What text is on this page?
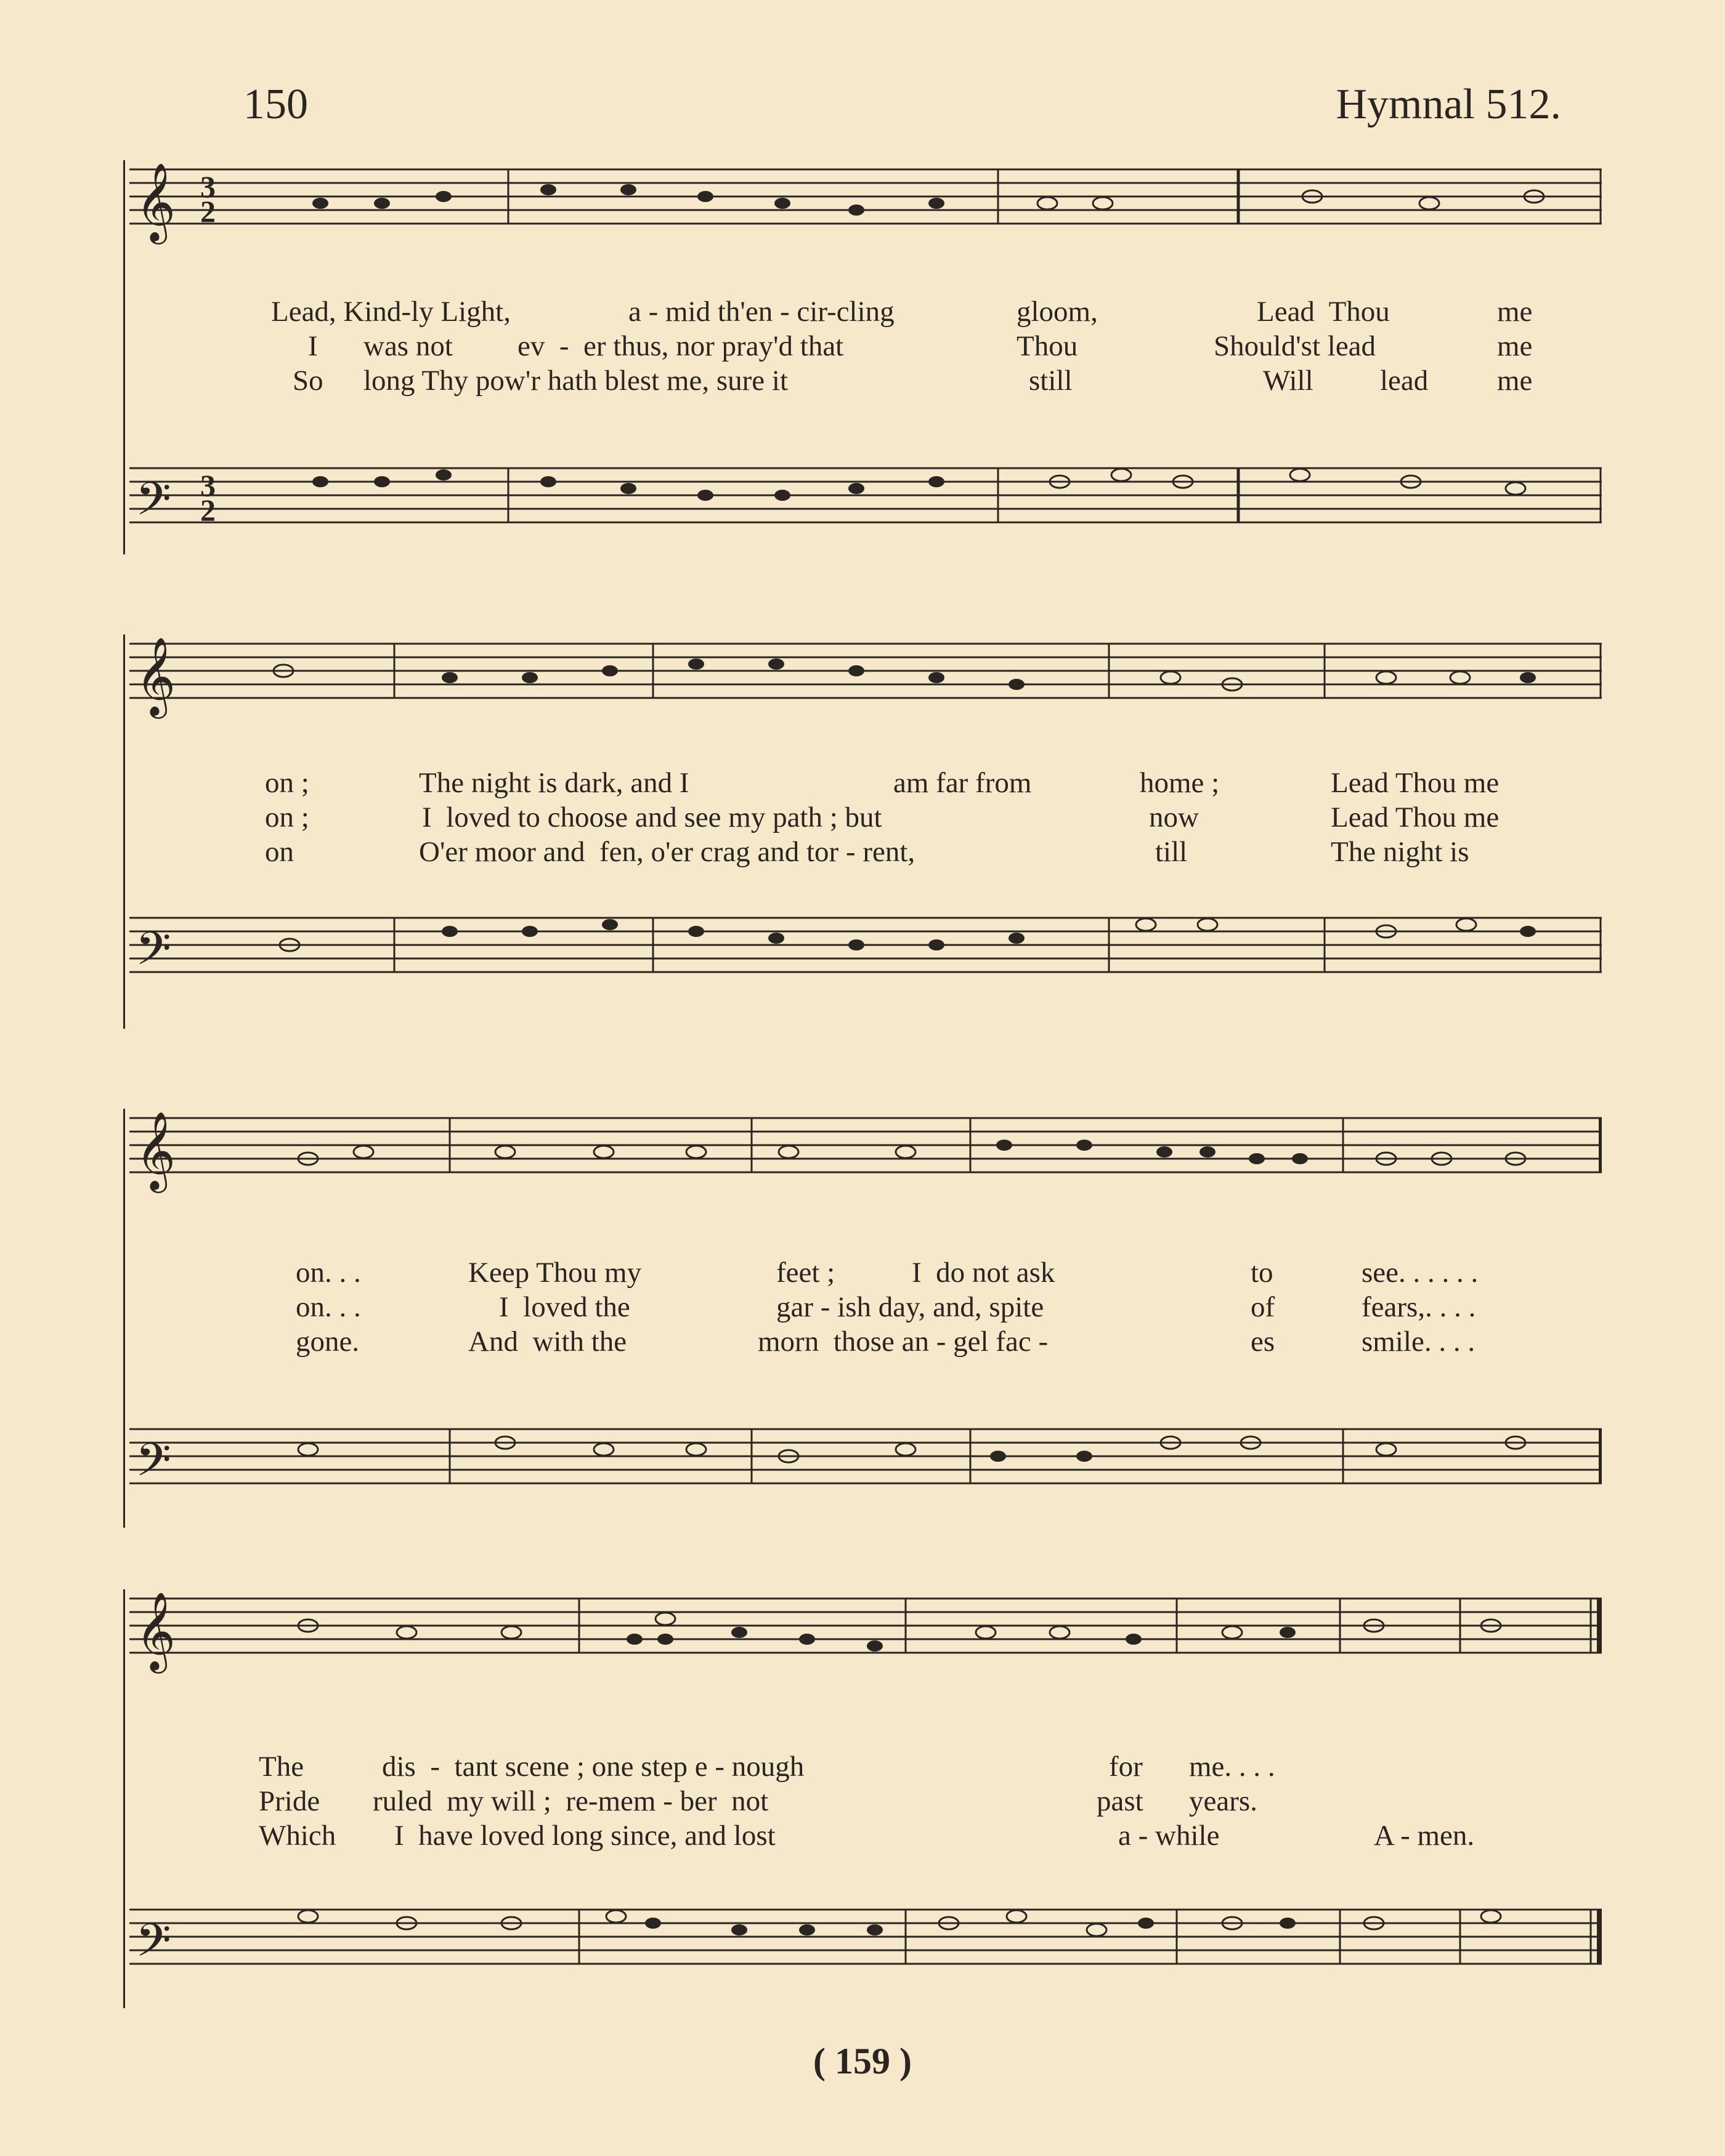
150	Hymnal 512.
𝄞
𝄢
3
2
3
2
Lead, Kind-ly Light,	a - mid th'en - cir-cling	gloom,	Lead  Thou	me
I was not ev  -  er thus, nor pray'd that	Thou	Should'st lead	me
So long Thy pow'r hath blest me, sure it	still	Will lead me
𝄞
𝄢
on ;	The night is dark, and I	am far from	home ;	Lead Thou me
on ;	I  loved to choose and see my path ; but	now	Lead Thou me
on	O'er moor and  fen, o'er crag and tor - rent,	till	The night is
𝄞
𝄢
on. . .	Keep Thou my	feet ;	I  do not ask	to	see. . . . . .
on. . .	I  loved the	gar - ish day, and, spite	of	fears,. . . .
gone.	And  with the	morn  those an - gel fac -	es	smile. . . .
𝄞
𝄢
The	dis  -  tant scene ; one step e - nough	for me. . . .
Pride ruled  my will ;  re-mem - ber  not	past years.
Which I  have loved long since, and lost	a - while	A - men.
( 159 )
